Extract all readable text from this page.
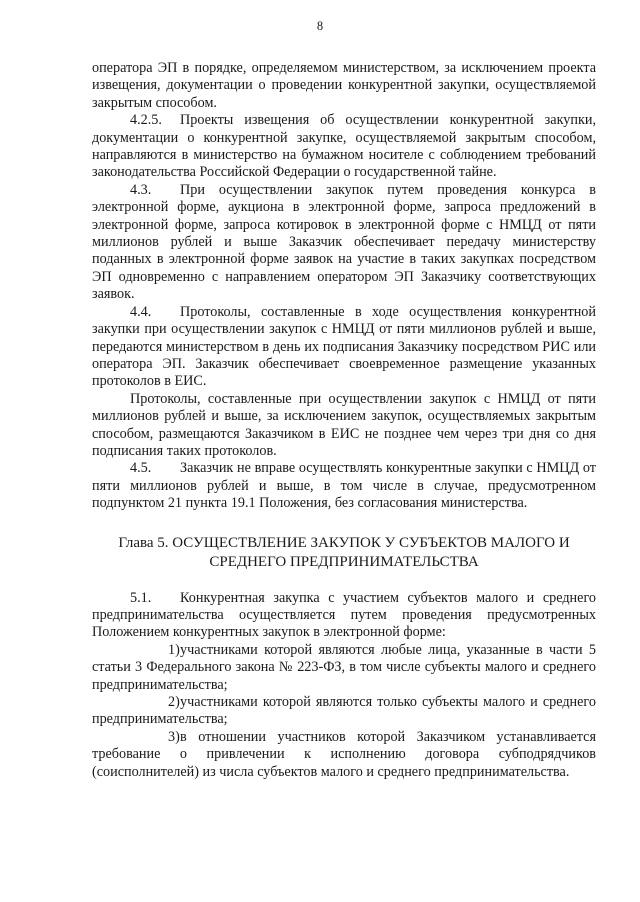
8

оператора ЭП в порядке, определяемом министерством, за исключением проекта извещения, документации о проведении конкурентной закупки, осуществляемой закрытым способом.

4.2.5. Проекты извещения об осуществлении конкурентной закупки, документации о конкурентной закупке, осуществляемой закрытым способом, направляются в министерство на бумажном носителе с соблюдением требований законодательства Российской Федерации о государственной тайне.

4.3. При осуществлении закупок путем проведения конкурса в электронной форме, аукциона в электронной форме, запроса предложений в электронной форме, запроса котировок в электронной форме с НМЦД от пяти миллионов рублей и выше Заказчик обеспечивает передачу министерству поданных в электронной форме заявок на участие в таких закупках посредством ЭП одновременно с направлением оператором ЭП Заказчику соответствующих заявок.

4.4. Протоколы, составленные в ходе осуществления конкурентной закупки при осуществлении закупок с НМЦД от пяти миллионов рублей и выше, передаются министерством в день их подписания Заказчику посредством РИС или оператора ЭП. Заказчик обеспечивает своевременное размещение указанных протоколов в ЕИС.

Протоколы, составленные при осуществлении закупок с НМЦД от пяти миллионов рублей и выше, за исключением закупок, осуществляемых закрытым способом, размещаются Заказчиком в ЕИС не позднее чем через три дня со дня подписания таких протоколов.

4.5. Заказчик не вправе осуществлять конкурентные закупки с НМЦД от пяти миллионов рублей и выше, в том числе в случае, предусмотренном подпунктом 21 пункта 19.1 Положения, без согласования министерства.

Глава 5. ОСУЩЕСТВЛЕНИЕ ЗАКУПОК У СУБЪЕКТОВ МАЛОГО И СРЕДНЕГО ПРЕДПРИНИМАТЕЛЬСТВА

5.1. Конкурентная закупка с участием субъектов малого и среднего предпринимательства осуществляется путем проведения предусмотренных Положением конкурентных закупок в электронной форме:

1)участниками которой являются любые лица, указанные в части 5 статьи 3 Федерального закона № 223-ФЗ, в том числе субъекты малого и среднего предпринимательства;

2)участниками которой являются только субъекты малого и среднего предпринимательства;

3)в отношении участников которой Заказчиком устанавливается требование о привлечении к исполнению договора субподрядчиков (соисполнителей) из числа субъектов малого и среднего предпринимательства.
